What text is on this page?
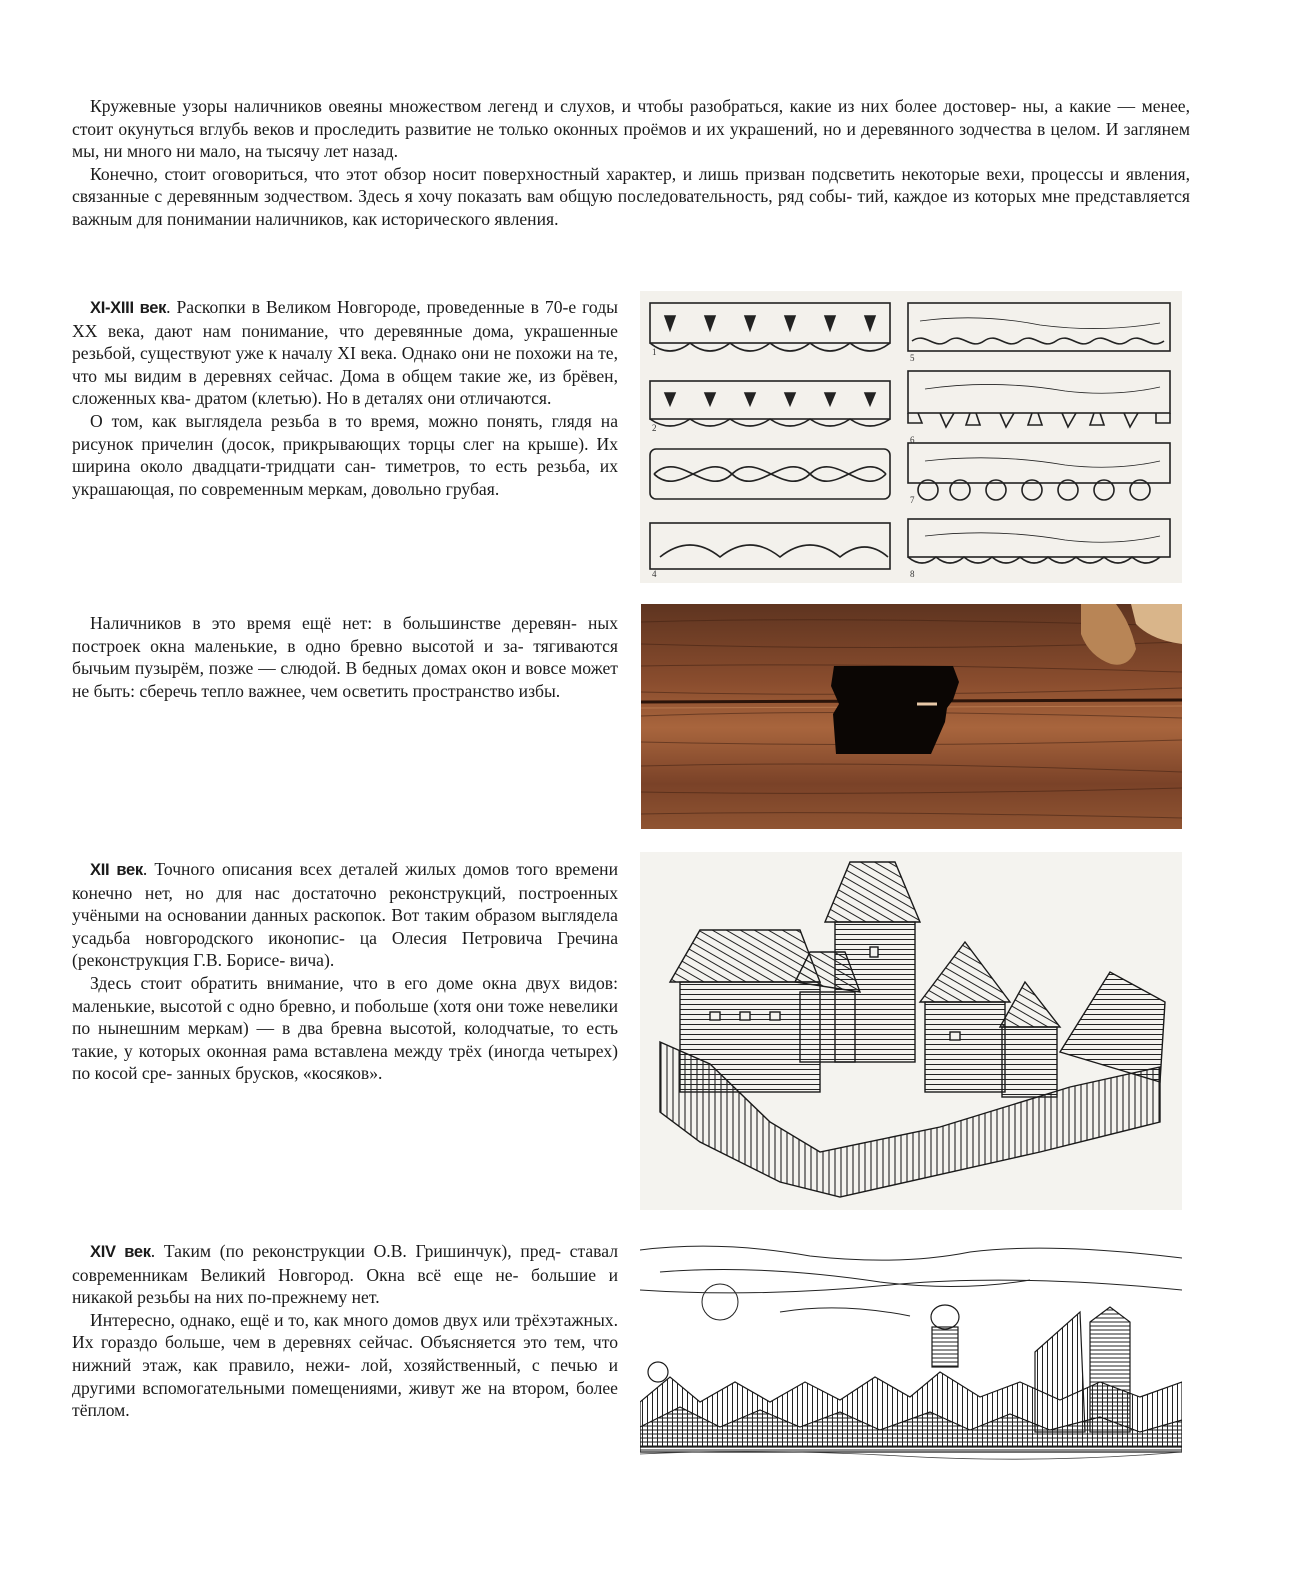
Кружевные узоры наличников овеяны множеством легенд и слухов, и чтобы разобраться, какие из них более достовер- ны, а какие — менее, стоит окунуться вглубь веков и проследить развитие не только оконных проёмов и их украшений, но и деревянного зодчества в целом. И заглянем мы, ни много ни мало, на тысячу лет назад.

Конечно, стоит оговориться, что этот обзор носит поверхностный характер, и лишь призван подсветить некоторые вехи, процессы и явления, связанные с деревянным зодчеством. Здесь я хочу показать вам общую последовательность, ряд собы- тий, каждое из которых мне представляется важным для понимании наличников, как исторического явления.

XI-XIII век. Раскопки в Великом Новгороде, проведенные в 70-е годы XX века, дают нам понимание, что деревянные дома, украшенные резьбой, существуют уже к началу XI века. Однако они не похожи на те, что мы видим в деревнях сейчас. Дома в общем такие же, из брёвен, сложенных ква- дратом (клетью). Но в деталях они отличаются.

О том, как выглядела резьба в то время, можно понять, глядя на рисунок причелин (досок, прикрывающих торцы слег на крыше). Их ширина около двадцати-тридцати сан- тиметров, то есть резьба, их украшающая, по современным меркам, довольно грубая.

1
2
5
4
6
7
8

Наличников в это время ещё нет: в большинстве деревян- ных построек окна маленькие, в одно бревно высотой и за- тягиваются бычьим пузырём, позже — слюдой. В бедных домах окон и вовсе может не быть: сберечь тепло важнее, чем осветить пространство избы.

XII век. Точного описания всех деталей жилых домов того времени конечно нет, но для нас достаточно реконструкций, построенных учёными на основании данных раскопок. Вот таким образом выглядела усадьба новгородского иконопис- ца Олесия Петровича Гречина (реконструкция Г.В. Борисе- вича).

Здесь стоит обратить внимание, что в его доме окна двух видов: маленькие, высотой с одно бревно, и побольше (хотя они тоже невелики по нынешним меркам) — в два бревна высотой, колодчатые, то есть такие, у которых оконная рама вставлена между трёх (иногда четырех) по косой сре- занных брусков, «косяков».

XIV век. Таким (по реконструкции О.В. Гришинчук), пред- ставал современникам Великий Новгород. Окна всё еще не- большие и никакой резьбы на них по-прежнему нет.

Интересно, однако, ещё и то, как много домов двух или трёхэтажных. Их гораздо больше, чем в деревнях сейчас. Объясняется это тем, что нижний этаж, как правило, нежи- лой, хозяйственный, с печью и другими вспомогательными помещениями, живут же на втором, более тёплом.
